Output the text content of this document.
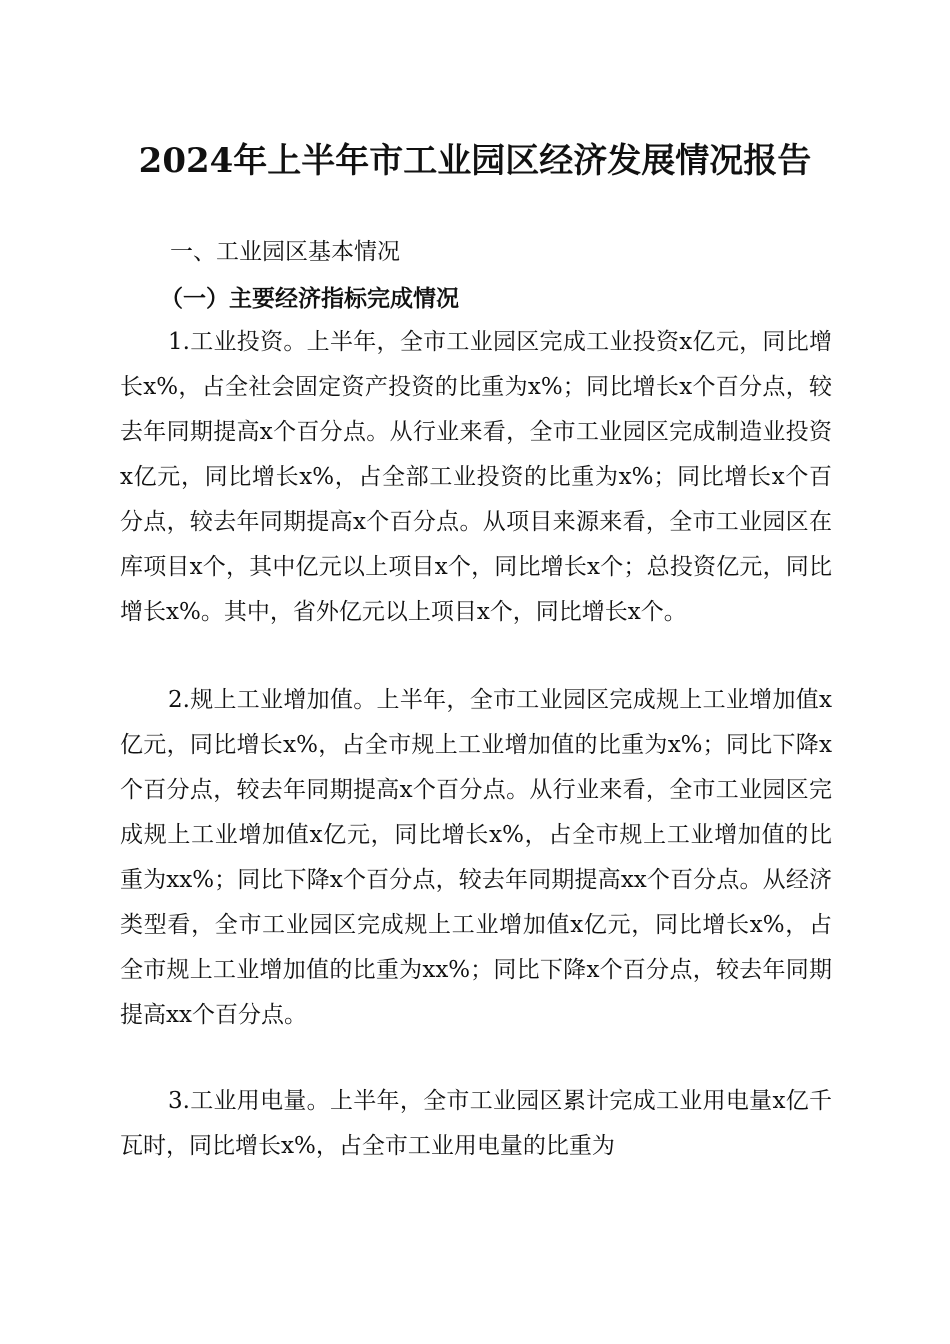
2024年上半年市工业园区经济发展情况报告

一、工业园区基本情况

（一）主要经济指标完成情况

1.工业投资。上半年，全市工业园区完成工业投资x亿元，同比增长x%，占全社会固定资产投资的比重为x%；同比增长x个百分点，较去年同期提高x个百分点。从行业来看，全市工业园区完成制造业投资x亿元，同比增长x%，占全部工业投资的比重为x%；同比增长x个百分点，较去年同期提高x个百分点。从项目来源来看，全市工业园区在库项目x个，其中亿元以上项目x个，同比增长x个；总投资亿元，同比增长x%。其中，省外亿元以上项目x个，同比增长x个。

2.规上工业增加值。上半年，全市工业园区完成规上工业增加值x亿元，同比增长x%，占全市规上工业增加值的比重为x%；同比下降x个百分点，较去年同期提高x个百分点。从行业来看，全市工业园区完成规上工业增加值x亿元，同比增长x%，占全市规上工业增加值的比重为xx%；同比下降x个百分点，较去年同期提高xx个百分点。从经济类型看，全市工业园区完成规上工业增加值x亿元，同比增长x%，占全市规上工业增加值的比重为xx%；同比下降x个百分点，较去年同期提高xx个百分点。

3.工业用电量。上半年，全市工业园区累计完成工业用电量x亿千瓦时，同比增长x%，占全市工业用电量的比重为
